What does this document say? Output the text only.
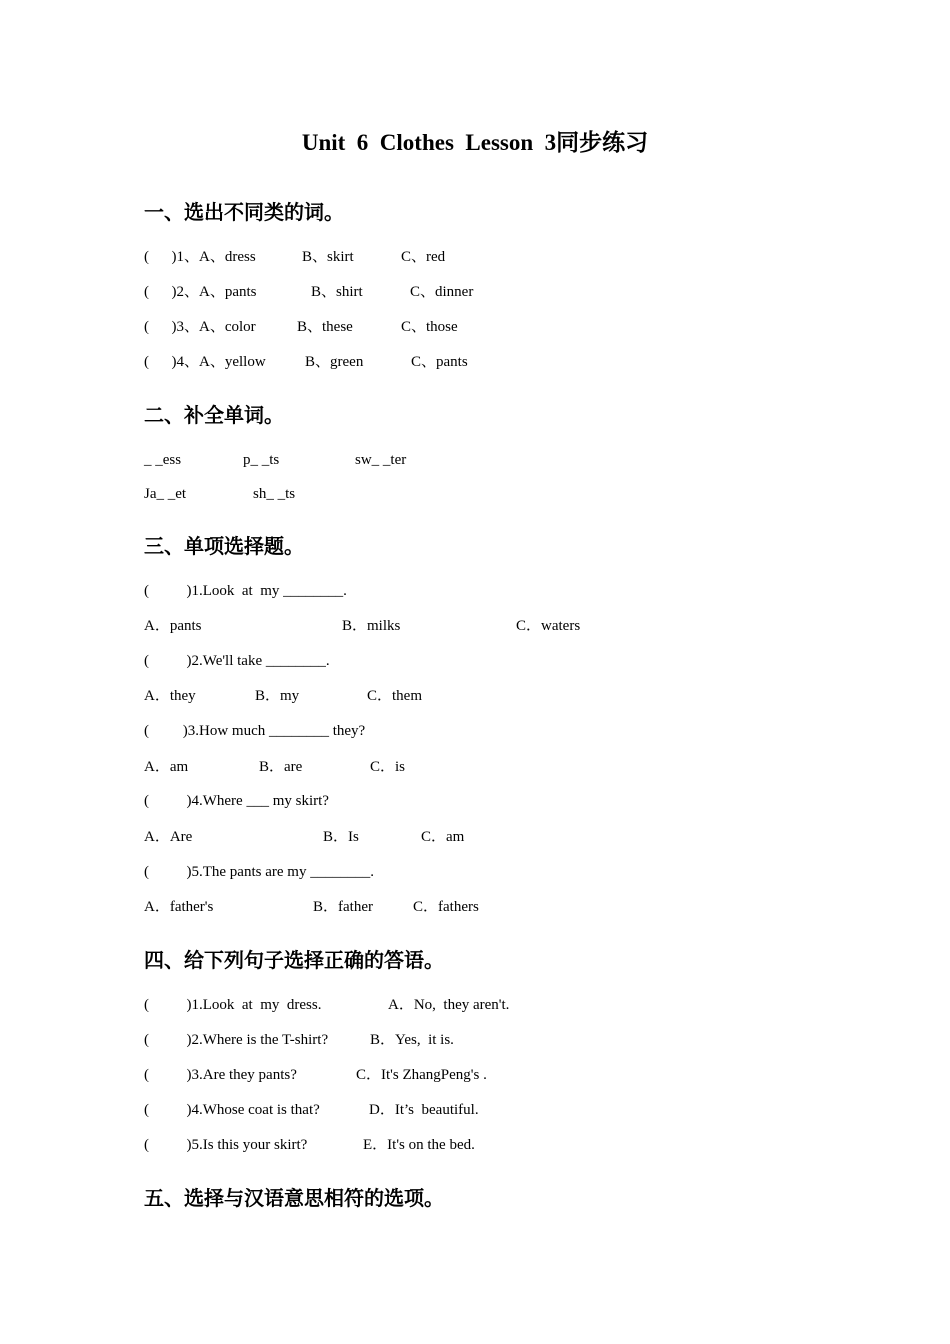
Unit  6  Clothes  Lesson  3同步练习
一、选出不同类的词。
(      )1、A、dress	B、skirt	C、red
(      )2、A、pants	B、shirt	C、dinner
(      )3、A、color	B、these	C、those
(      )4、A、yellow	B、green	C、pants
二、补全单词。
_ _ess	p_ _ts	sw_ _ter
Ja_ _et	sh_ _ts
三、单项选择题。
(          )1.Look  at  my ________.
A．pants	B．milks	C．waters
(          )2.We'll take ________.
A．they	B．my	C．them
(         )3.How much ________ they?
A．am	B．are	C．is
(          )4.Where ___ my skirt?
A．Are	B．Is	C．am
(          )5.The pants are my ________.
A．father's	B．father	C．fathers
四、给下列句子选择正确的答语。
(          )1.Look  at  my  dress.	A．No,  they aren't.
(          )2.Where is the T-shirt?	B．Yes,  it is.
(          )3.Are they pants?	C．It's ZhangPeng's .
(          )4.Whose coat is that?	D．It’s  beautiful.
(          )5.Is this your skirt?	E．It's on the bed.
五、选择与汉语意思相符的选项。
